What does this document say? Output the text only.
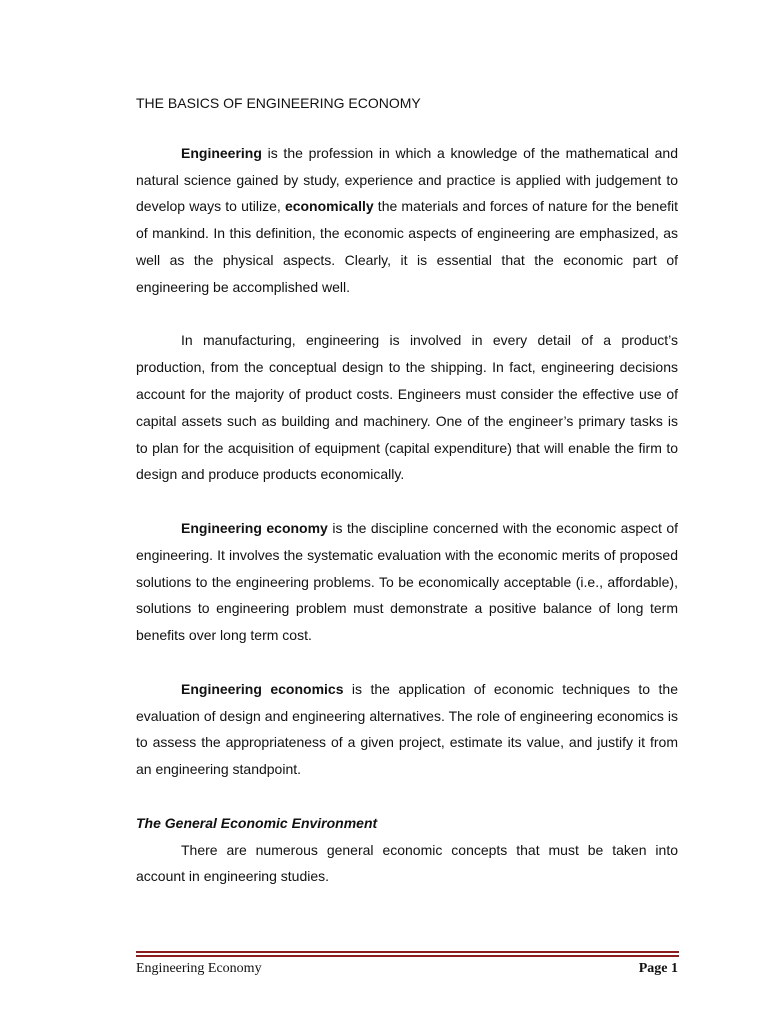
THE BASICS OF ENGINEERING ECONOMY

Engineering is the profession in which a knowledge of the mathematical and natural science gained by study, experience and practice is applied with judgement to develop ways to utilize, economically the materials and forces of nature for the benefit of mankind. In this definition, the economic aspects of engineering are emphasized, as well as the physical aspects. Clearly, it is essential that the economic part of engineering be accomplished well.

In manufacturing, engineering is involved in every detail of a product’s production, from the conceptual design to the shipping. In fact, engineering decisions account for the majority of product costs. Engineers must consider the effective use of capital assets such as building and machinery. One of the engineer’s primary tasks is to plan for the acquisition of equipment (capital expenditure) that will enable the firm to design and produce products economically.

Engineering economy is the discipline concerned with the economic aspect of engineering. It involves the systematic evaluation with the economic merits of proposed solutions to the engineering problems. To be economically acceptable (i.e., affordable), solutions to engineering problem must demonstrate a positive balance of long term benefits over long term cost.

Engineering economics is the application of economic techniques to the evaluation of design and engineering alternatives. The role of engineering economics is to assess the appropriateness of a given project, estimate its value, and justify it from an engineering standpoint.

The General Economic Environment

There are numerous general economic concepts that must be taken into account in engineering studies.

Engineering Economy	Page 1
